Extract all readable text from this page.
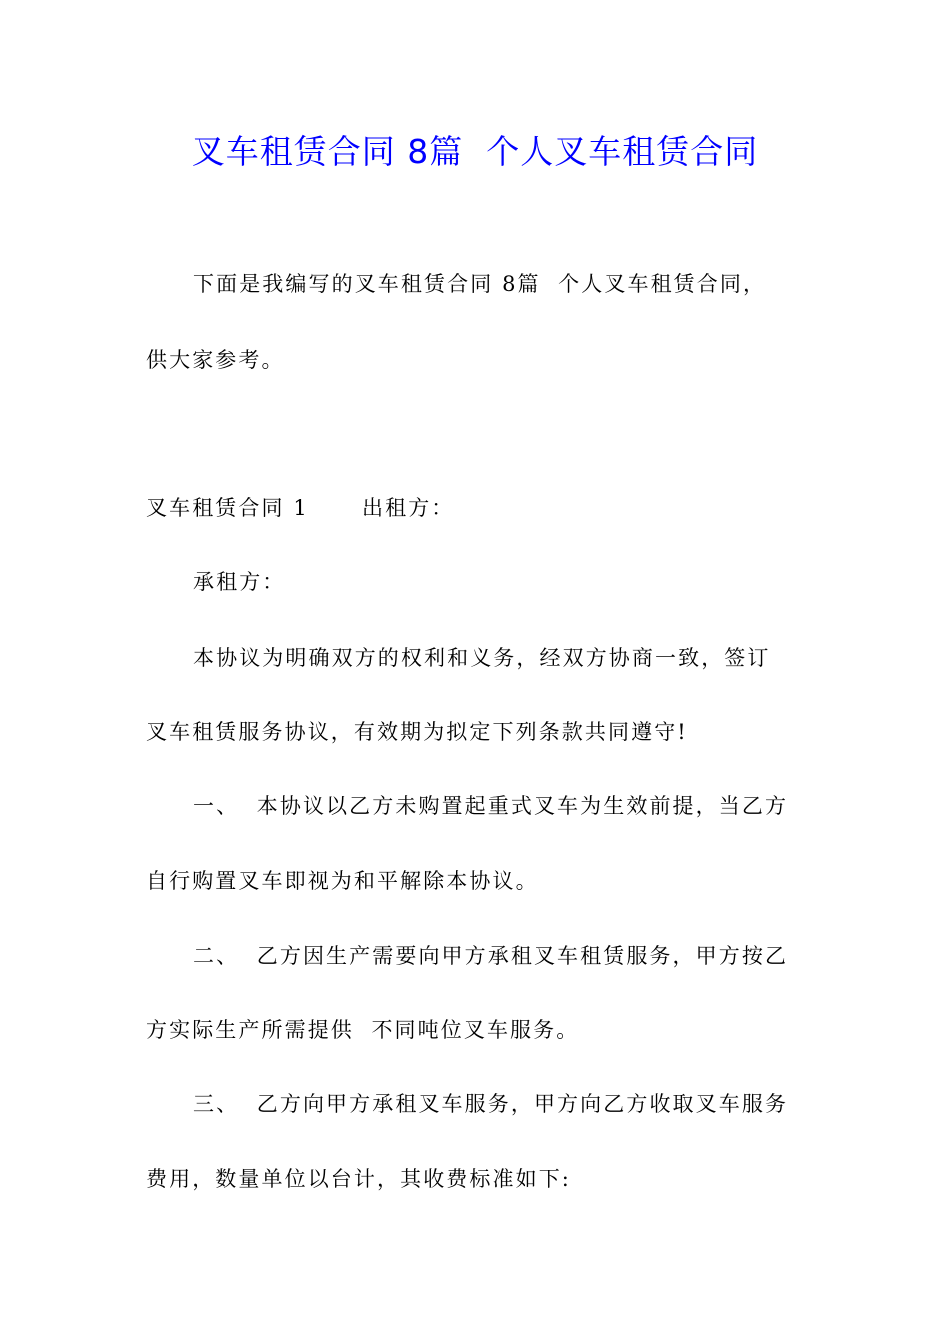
叉车租赁合同 8篇  个人叉车租赁合同
下面是我编写的叉车租赁合同 8篇  个人叉车租赁合同，
供大家参考。
叉车租赁合同 1	出租方：
承租方：
本协议为明确双方的权利和义务，经双方协商一致，签订
叉车租赁服务协议，有效期为拟定下列条款共同遵守!
一、  本协议以乙方未购置起重式叉车为生效前提，当乙方
自行购置叉车即视为和平解除本协议。
二、  乙方因生产需要向甲方承租叉车租赁服务，甲方按乙
方实际生产所需提供  不同吨位叉车服务。
三、  乙方向甲方承租叉车服务，甲方向乙方收取叉车服务
费用，数量单位以台计，其收费标准如下:
